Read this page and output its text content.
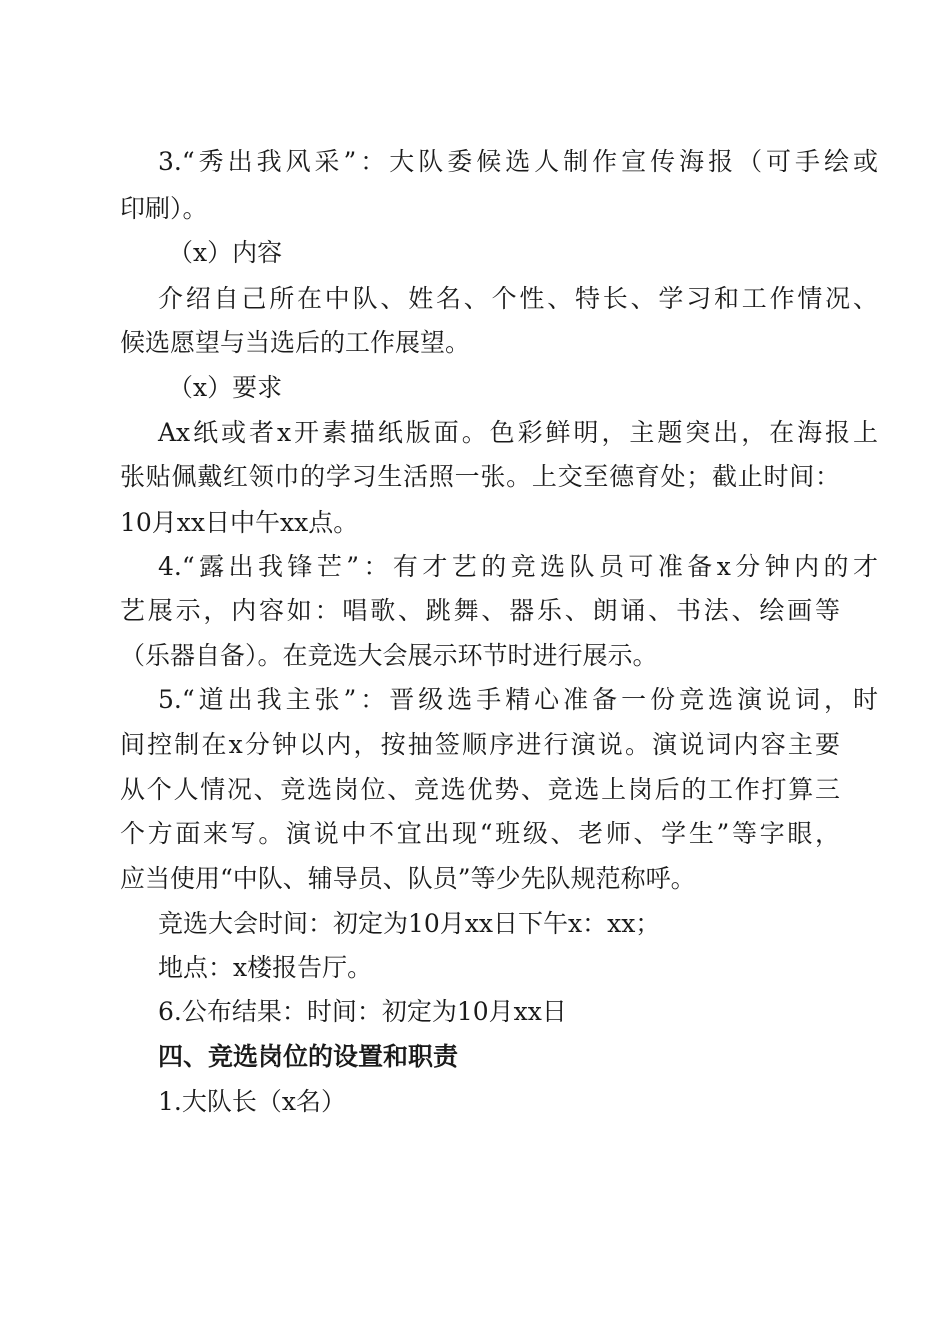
3.“秀出我风采”：大队委候选人制作宣传海报（可手绘或
印刷）。
（x）内容
介绍自己所在中队、姓名、个性、特长、学习和工作情况、
候选愿望与当选后的工作展望。
（x）要求
Ax纸或者x开素描纸版面。色彩鲜明，主题突出，在海报上
张贴佩戴红领巾的学习生活照一张。上交至德育处；截止时间：
10月xx日中午xx点。
4.“露出我锋芒”：有才艺的竞选队员可准备x分钟内的才
艺展示，内容如：唱歌、跳舞、器乐、朗诵、书法、绘画等
（乐器自备）。在竞选大会展示环节时进行展示。
5.“道出我主张”：晋级选手精心准备一份竞选演说词，时
间控制在x分钟以内，按抽签顺序进行演说。演说词内容主要
从个人情况、竞选岗位、竞选优势、竞选上岗后的工作打算三
个方面来写。演说中不宜出现“班级、老师、学生”等字眼，
应当使用“中队、辅导员、队员”等少先队规范称呼。
竞选大会时间：初定为10月xx日下午x：xx；
地点：x楼报告厅。
6.公布结果：时间：初定为10月xx日
四、竞选岗位的设置和职责
1.大队长（x名）
